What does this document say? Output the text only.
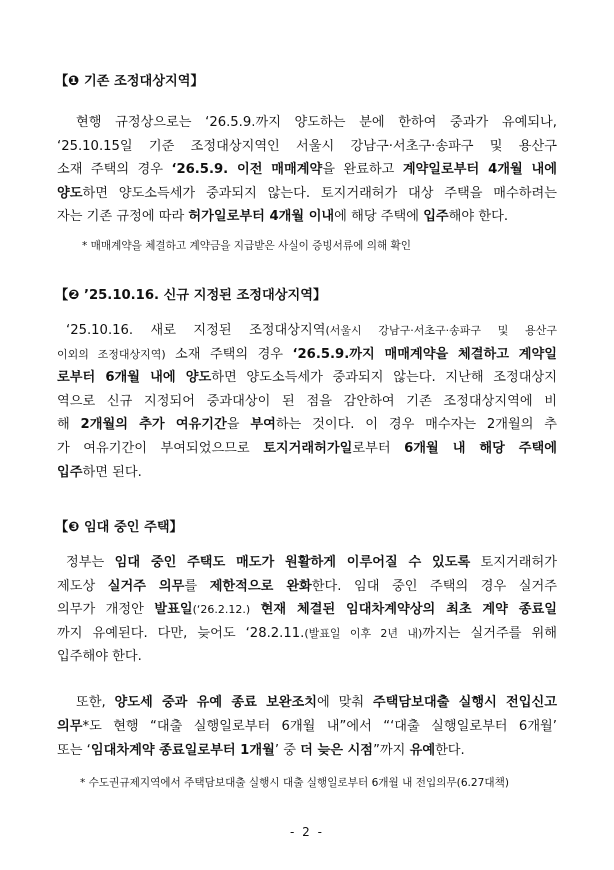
【❶ 기존 조정대상지역】
현행 규정상으로는 ‘26.5.9.까지 양도하는 분에 한하여 중과가 유예되나,
‘25.10.15일 기준 조정대상지역인 서울시 강남구·서초구·송파구 및 용산구
소재 주택의 경우 ‘26.5.9. 이전 매매계약을 완료하고 계약일로부터 4개월 내에
양도하면 양도소득세가 중과되지 않는다. 토지거래허가 대상 주택을 매수하려는
자는 기존 규정에 따라 허가일로부터 4개월 이내에 해당 주택에 입주해야 한다.
* 매매계약을 체결하고 계약금을 지급받은 사실이 증빙서류에 의해 확인
【❷ ’25.10.16. 신규 지정된 조정대상지역】
‘25.10.16. 새로 지정된 조정대상지역(서울시 강남구·서초구·송파구 및 용산구
이외의 조정대상지역) 소재 주택의 경우 ‘26.5.9.까지 매매계약을 체결하고 계약일
로부터 6개월 내에 양도하면 양도소득세가 중과되지 않는다. 지난해 조정대상지
역으로 신규 지정되어 중과대상이 된 점을 감안하여 기존 조정대상지역에 비
해 2개월의 추가 여유기간을 부여하는 것이다. 이 경우 매수자는 2개월의 추
가 여유기간이 부여되었으므로 토지거래허가일로부터 6개월 내 해당 주택에
입주하면 된다.
【❸ 임대 중인 주택】
정부는 임대 중인 주택도 매도가 원활하게 이루어질 수 있도록 토지거래허가
제도상 실거주 의무를 제한적으로 완화한다. 임대 중인 주택의 경우 실거주
의무가 개정안 발표일(‘26.2.12.) 현재 체결된 임대차계약상의 최초 계약 종료일
까지 유예된다. 다만, 늦어도 ‘28.2.11.(발표일 이후 2년 내)까지는 실거주를 위해
입주해야 한다.
또한, 양도세 중과 유예 종료 보완조치에 맞춰 주택담보대출 실행시 전입신고
의무*도 현행 “대출 실행일로부터 6개월 내”에서 “‘대출 실행일로부터 6개월’
또는 ‘임대차계약 종료일로부터 1개월’ 중 더 늦은 시점”까지 유예한다.
* 수도권규제지역에서 주택담보대출 실행시 대출 실행일로부터 6개월 내 전입의무(6.27대책)
- 2 -
